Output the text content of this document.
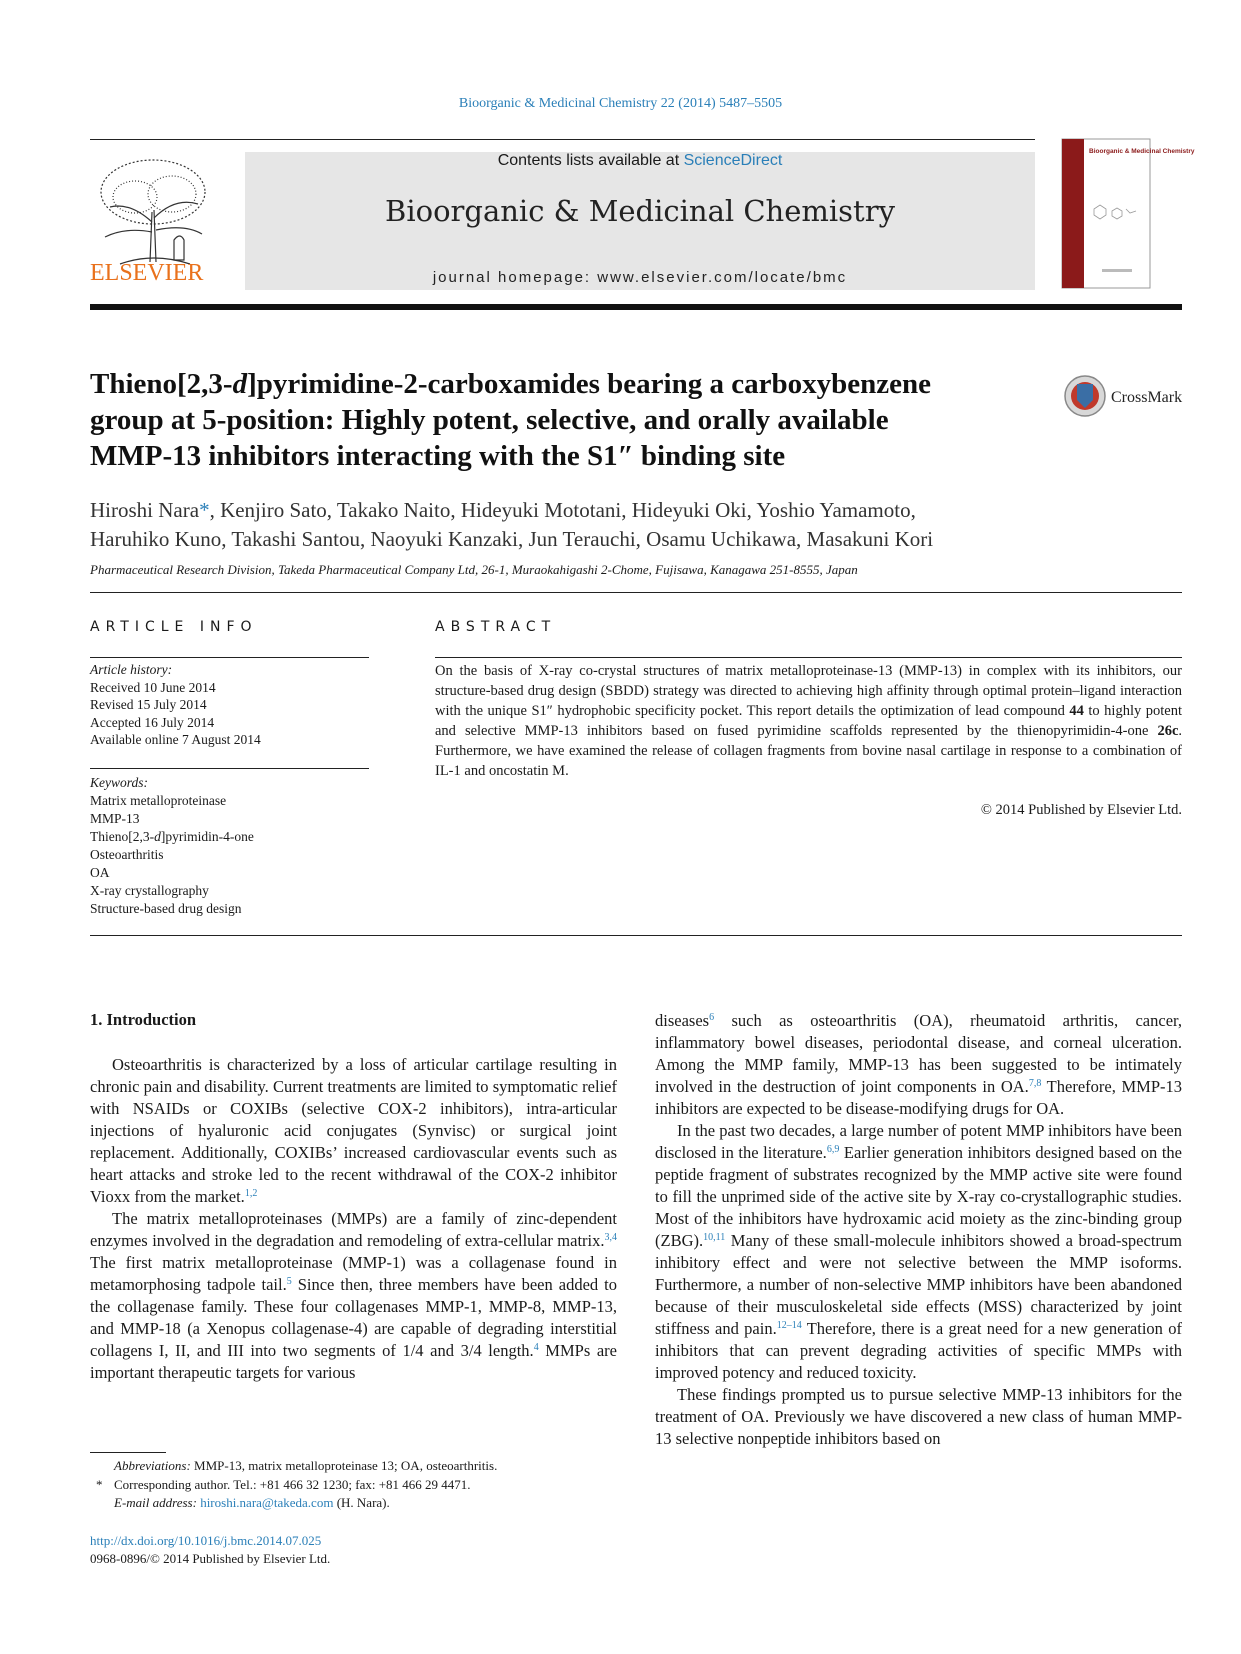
Bioorganic & Medicinal Chemistry 22 (2014) 5487–5505
ELSEVIER
Contents lists available at ScienceDirect
Bioorganic & Medicinal Chemistry
journal homepage: www.elsevier.com/locate/bmc
Bioorganic & Medicinal Chemistry
Thieno[2,3-d]pyrimidine-2-carboxamides bearing a carboxybenzene
group at 5-position: Highly potent, selective, and orally available
MMP-13 inhibitors interacting with the S1″ binding site
CrossMark
Hiroshi Nara*, Kenjiro Sato, Takako Naito, Hideyuki Mototani, Hideyuki Oki, Yoshio Yamamoto,
Haruhiko Kuno, Takashi Santou, Naoyuki Kanzaki, Jun Terauchi, Osamu Uchikawa, Masakuni Kori
Pharmaceutical Research Division, Takeda Pharmaceutical Company Ltd, 26-1, Muraokahigashi 2-Chome, Fujisawa, Kanagawa 251-8555, Japan
ARTICLE INFO	ABSTRACT
Article history:
Received 10 June 2014
Revised 15 July 2014
Accepted 16 July 2014
Available online 7 August 2014
Keywords:
Matrix metalloproteinase
MMP-13
Thieno[2,3-d]pyrimidin-4-one
Osteoarthritis
OA
X-ray crystallography
Structure-based drug design
On the basis of X-ray co-crystal structures of matrix metalloproteinase-13 (MMP-13) in complex with its inhibitors, our structure-based drug design (SBDD) strategy was directed to achieving high affinity through optimal protein–ligand interaction with the unique S1″ hydrophobic specificity pocket. This report details the optimization of lead compound 44 to highly potent and selective MMP-13 inhibitors based on fused pyrimidine scaffolds represented by the thienopyrimidin-4-one 26c. Furthermore, we have examined the release of collagen fragments from bovine nasal cartilage in response to a combination of IL-1 and oncostatin M.
© 2014 Published by Elsevier Ltd.
1. Introduction

Osteoarthritis is characterized by a loss of articular cartilage resulting in chronic pain and disability. Current treatments are limited to symptomatic relief with NSAIDs or COXIBs (selective COX-2 inhibitors), intra-articular injections of hyaluronic acid conjugates (Synvisc) or surgical joint replacement. Additionally, COXIBs’ increased cardiovascular events such as heart attacks and stroke led to the recent withdrawal of the COX-2 inhibitor Vioxx from the market.$^{1,2}$

The matrix metalloproteinases (MMPs) are a family of zinc-dependent enzymes involved in the degradation and remodeling of extra-cellular matrix.$^{3,4}$ The first matrix metalloproteinase (MMP-1) was a collagenase found in metamorphosing tadpole tail.$^5$ Since then, three members have been added to the collagenase family. These four collagenases MMP-1, MMP-8, MMP-13, and MMP-18 (a Xenopus collagenase-4) are capable of degrading interstitial collagens I, II, and III into two segments of 1/4 and 3/4 length.$^4$ MMPs are important therapeutic targets for various

diseases$^6$ such as osteoarthritis (OA), rheumatoid arthritis, cancer, inflammatory bowel diseases, periodontal disease, and corneal ulceration. Among the MMP family, MMP-13 has been suggested to be intimately involved in the destruction of joint components in OA.$^{7,8}$ Therefore, MMP-13 inhibitors are expected to be disease-modifying drugs for OA.

In the past two decades, a large number of potent MMP inhibitors have been disclosed in the literature.$^{6,9}$ Earlier generation inhibitors designed based on the peptide fragment of substrates recognized by the MMP active site were found to fill the unprimed side of the active site by X-ray co-crystallographic studies. Most of the inhibitors have hydroxamic acid moiety as the zinc-binding group (ZBG).$^{10,11}$ Many of these small-molecule inhibitors showed a broad-spectrum inhibitory effect and were not selective between the MMP isoforms. Furthermore, a number of non-selective MMP inhibitors have been abandoned because of their musculoskeletal side effects (MSS) characterized by joint stiffness and pain.$^{12-14}$ Therefore, there is a great need for a new generation of inhibitors that can prevent degrading activities of specific MMPs with improved potency and reduced toxicity.

These findings prompted us to pursue selective MMP-13 inhibitors for the treatment of OA. Previously we have discovered a new class of human MMP-13 selective nonpeptide inhibitors based on

Abbreviations: MMP-13, matrix metalloproteinase 13; OA, osteoarthritis.
* Corresponding author. Tel.: +81 466 32 1230; fax: +81 466 29 4471.
E-mail address: hiroshi.nara@takeda.com (H. Nara).
http://dx.doi.org/10.1016/j.bmc.2014.07.025
0968-0896/© 2014 Published by Elsevier Ltd.
